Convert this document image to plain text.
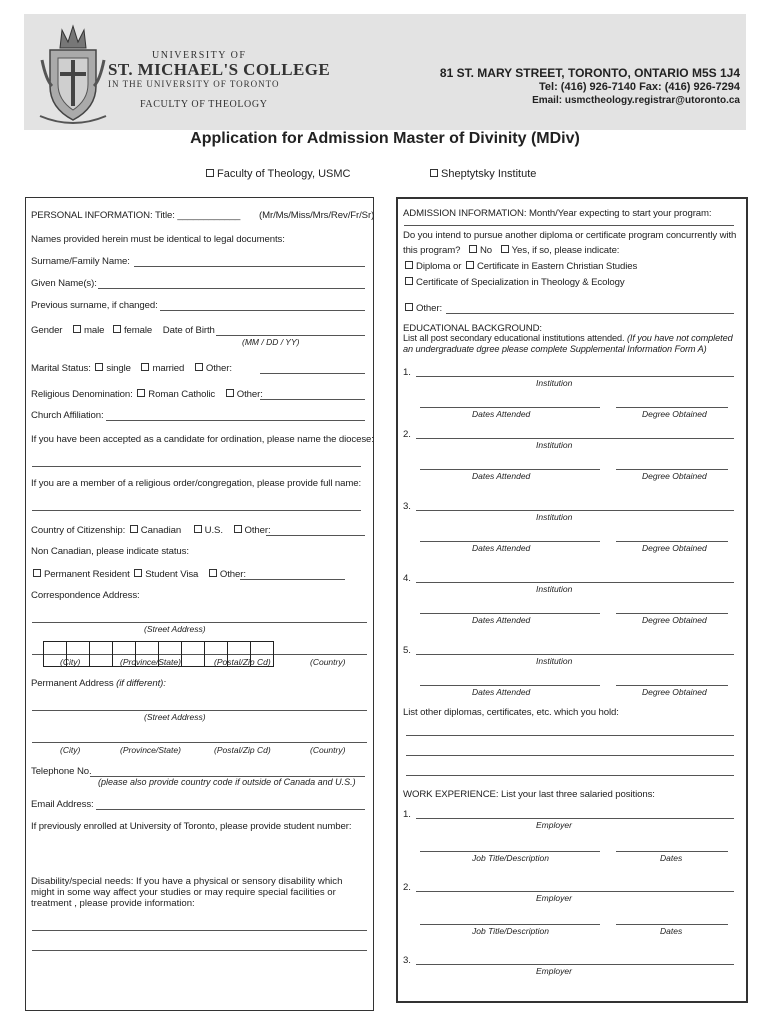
UNIVERSITY OF
ST. MICHAEL'S COLLEGE
IN THE UNIVERSITY OF TORONTO
FACULTY OF THEOLOGY
81 ST. MARY STREET, TORONTO, ONTARIO M5S 1J4
Tel: (416) 926-7140 Fax: (416) 926-7294
Email: usmctheology.registrar@utoronto.ca
Application for Admission Master of Divinity (MDiv)
Faculty of Theology, USMC	Sheptytsky Institute
PERSONAL INFORMATION: Title: ____________ (Mr/Ms/Miss/Mrs/Rev/Fr/Sr)
Names provided herein must be identical to legal documents:
Surname/Family Name:
Given Name(s):
Previous surname, if changed:
Gender male female Date of Birth
(MM / DD / YY)
Marital Status: single married Other:
Religious Denomination: Roman Catholic Other:
Church Affiliation:
If you have been accepted as a candidate for ordination, please name the diocese:
If you are a member of a religious order/congregation, please provide full name:
Country of Citizenship: Canadian U.S. Other:
Non Canadian, please indicate status:
Permanent Resident Student Visa Other:
Correspondence Address:
(Street Address)
(City)	(Province/State)	(Postal/Zip Cd)	(Country)
Permanent Address (if different):
(Street Address)
(City)	(Province/State)	(Postal/Zip Cd)	(Country)
Telephone No.
(please also provide country code if outside of Canada and U.S.)
Email Address:
If previously enrolled at University of Toronto, please provide student number:
Disability/special needs: If you have a physical or sensory disability which might in some way affect your studies or may require special facilities or treatment , please provide information:
ADMISSION INFORMATION: Month/Year expecting to start your program:
Do you intend to pursue another diploma or certificate program concurrently with
this program? No Yes, if so, please indicate:
Diploma or Certificate in Eastern Christian Studies
Certificate of Specialization in Theology & Ecology
Other:
EDUCATIONAL BACKGROUND:
List all post secondary educational institutions attended. (If you have not completed
an undergraduate dgree please complete Supplemental Information Form A)
1.
Institution
Dates Attended	Degree Obtained
2.
Institution
Dates Attended	Degree Obtained
3.
Institution
Dates Attended	Degree Obtained
4.
Institution
Dates Attended	Degree Obtained
5.
Institution
Dates Attended	Degree Obtained
List other diplomas, certificates, etc. which you hold:
WORK EXPERIENCE: List your last three salaried positions:
1.
Employer
Job Title/Description	Dates
2.
Employer
Job Title/Description	Dates
3.
Employer
